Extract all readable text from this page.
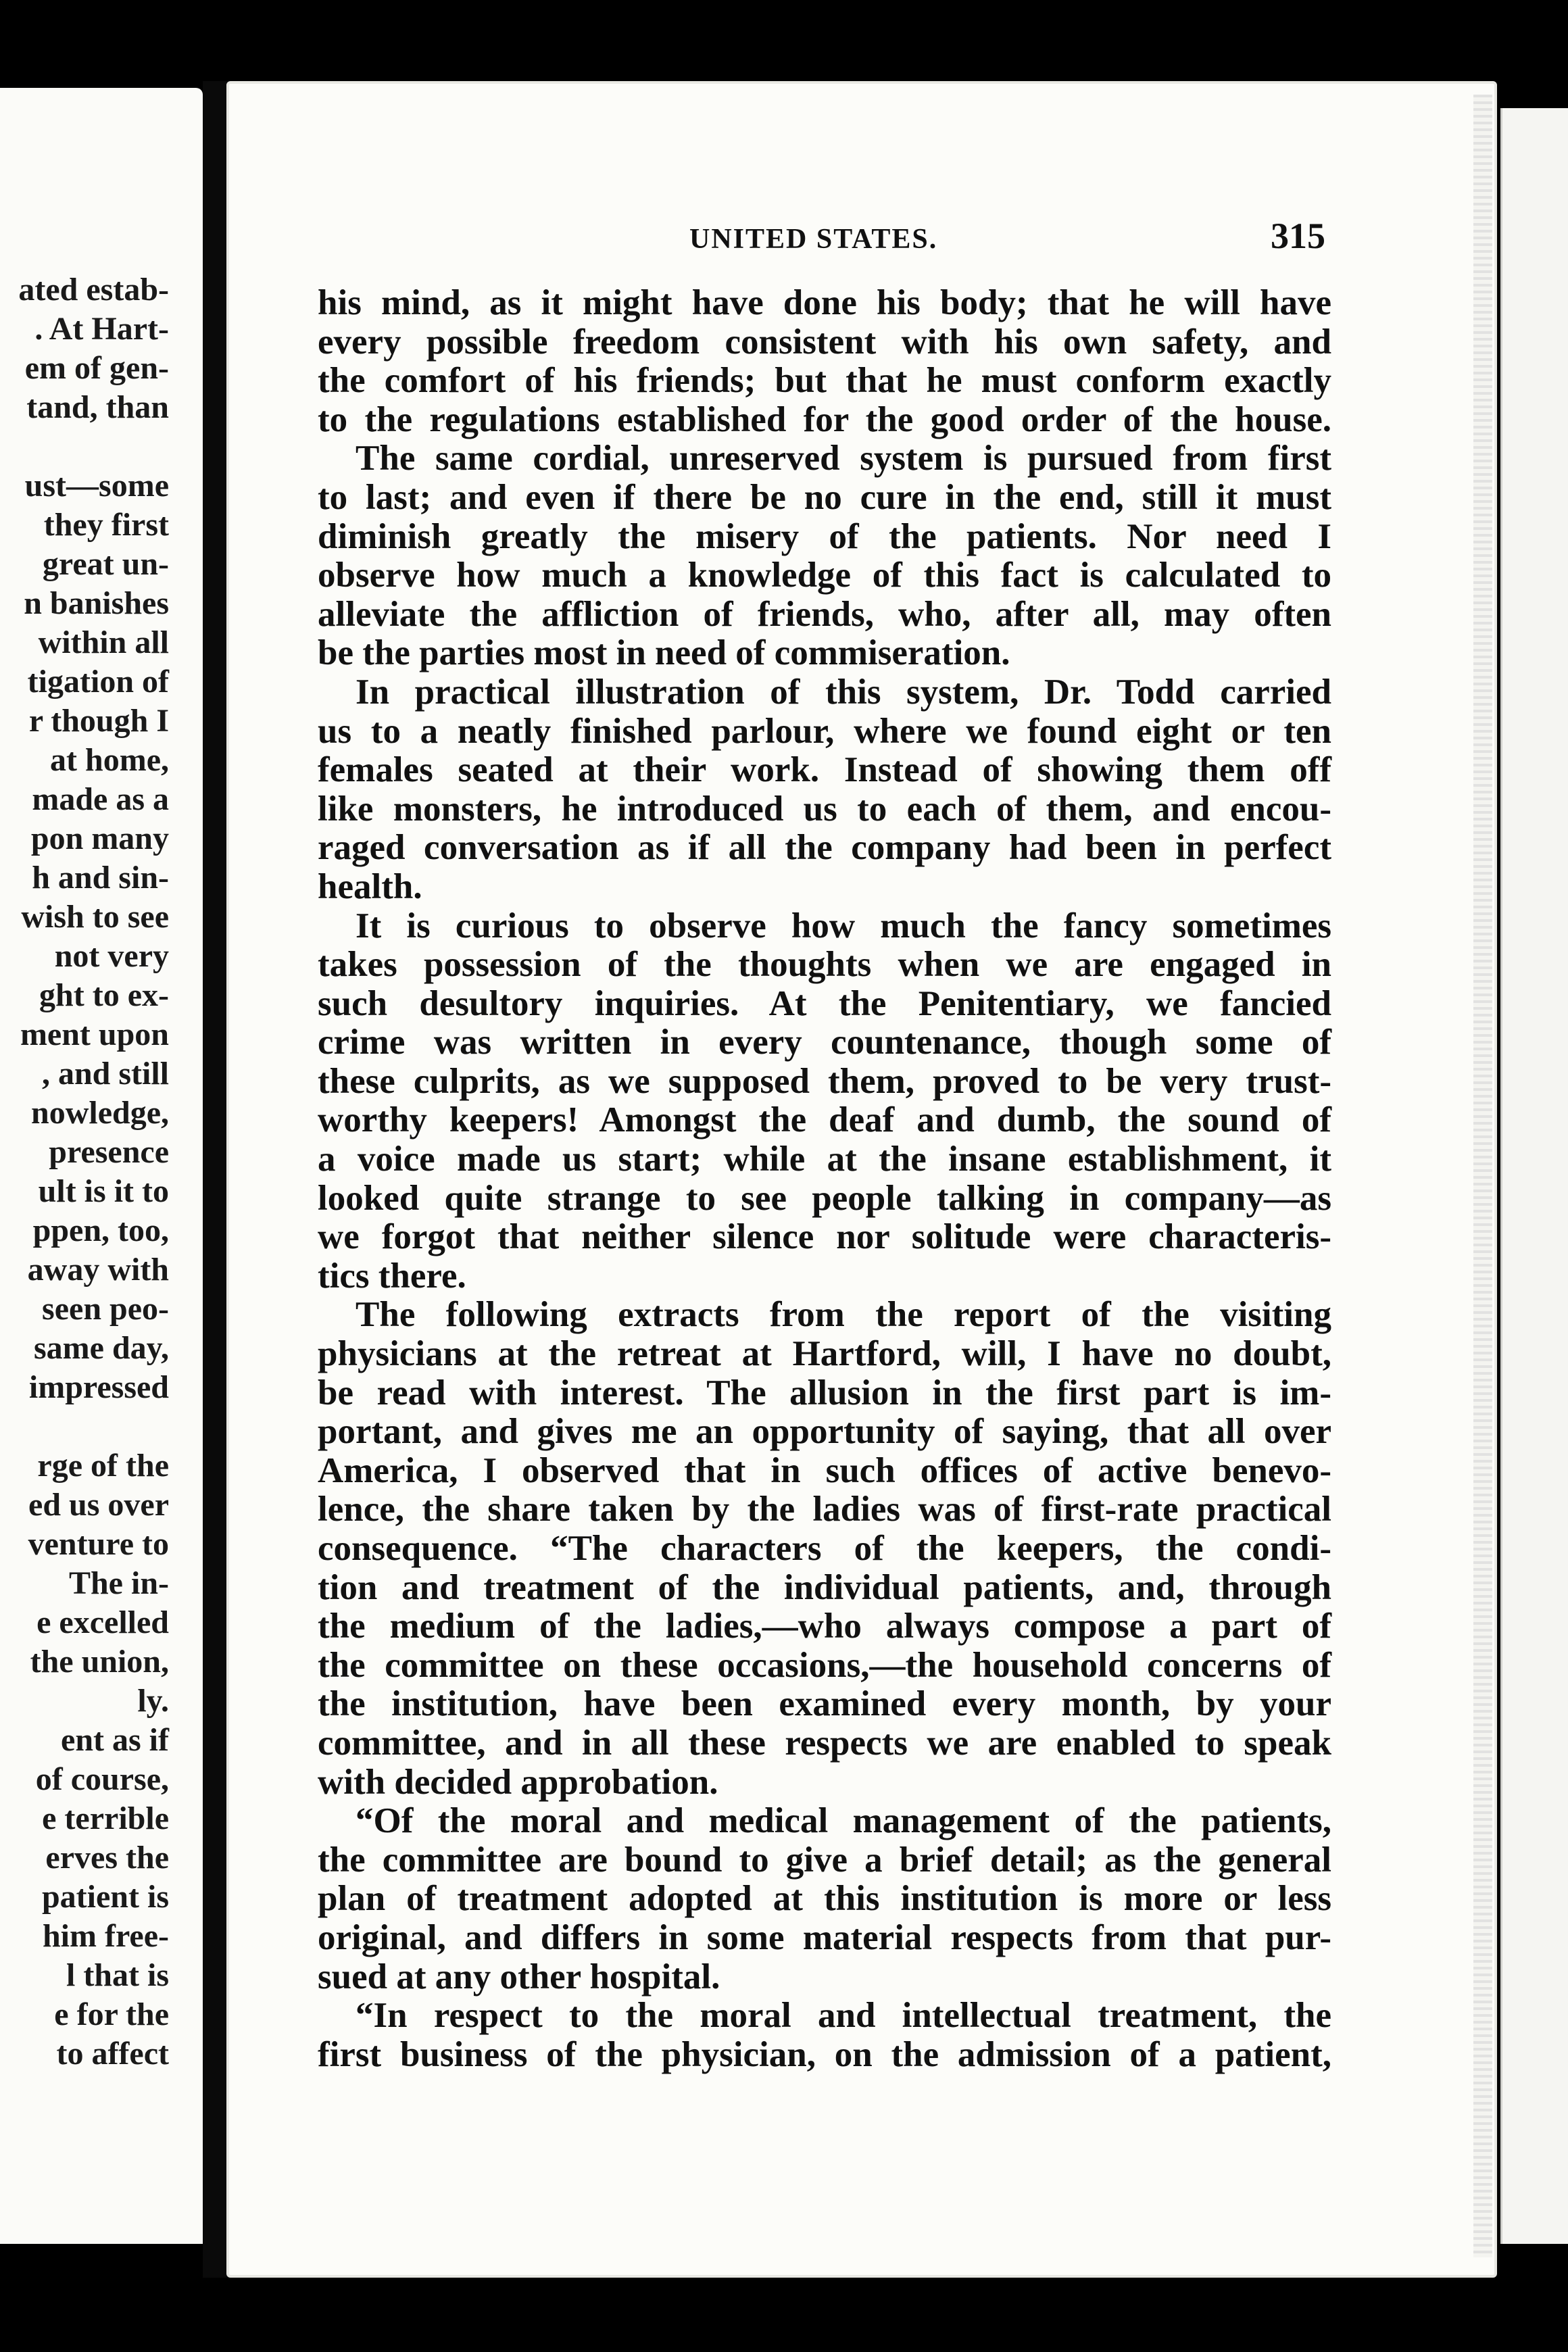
ated estab-
. At Hart-
em of gen-
tand, than
ust—some
they first
great un-
n banishes
within all
tigation of
r though I
at home,
made as a
pon many
h and sin-
wish to see
not very
ght to ex-
ment upon
, and still
nowledge,
presence
ult is it to
ppen, too,
away with
seen peo-
same day,
impressed
rge of the
ed us over
venture to
The in-
e excelled
the union,
ly.
ent as if
of course,
e terrible
erves the
patient is
him free-
l that is
e for the
to affect
UNITED STATES.	315
his mind, as it might have done his body; that he will have
every possible freedom consistent with his own safety, and
the comfort of his friends; but that he must conform exactly
to the regulations established for the good order of the house.
The same cordial, unreserved system is pursued from first
to last; and even if there be no cure in the end, still it must
diminish greatly the misery of the patients. Nor need I
observe how much a knowledge of this fact is calculated to
alleviate the affliction of friends, who, after all, may often
be the parties most in need of commiseration.
In practical illustration of this system, Dr. Todd carried
us to a neatly finished parlour, where we found eight or ten
females seated at their work. Instead of showing them off
like monsters, he introduced us to each of them, and encou-
raged conversation as if all the company had been in perfect
health.
It is curious to observe how much the fancy sometimes
takes possession of the thoughts when we are engaged in
such desultory inquiries. At the Penitentiary, we fancied
crime was written in every countenance, though some of
these culprits, as we supposed them, proved to be very trust-
worthy keepers! Amongst the deaf and dumb, the sound of
a voice made us start; while at the insane establishment, it
looked quite strange to see people talking in company—as
we forgot that neither silence nor solitude were characteris-
tics there.
The following extracts from the report of the visiting
physicians at the retreat at Hartford, will, I have no doubt,
be read with interest. The allusion in the first part is im-
portant, and gives me an opportunity of saying, that all over
America, I observed that in such offices of active benevo-
lence, the share taken by the ladies was of first-rate practical
consequence. “The characters of the keepers, the condi-
tion and treatment of the individual patients, and, through
the medium of the ladies,—who always compose a part of
the committee on these occasions,—the household concerns of
the institution, have been examined every month, by your
committee, and in all these respects we are enabled to speak
with decided approbation.
“Of the moral and medical management of the patients,
the committee are bound to give a brief detail; as the general
plan of treatment adopted at this institution is more or less
original, and differs in some material respects from that pur-
sued at any other hospital.
“In respect to the moral and intellectual treatment, the
first business of the physician, on the admission of a patient,
